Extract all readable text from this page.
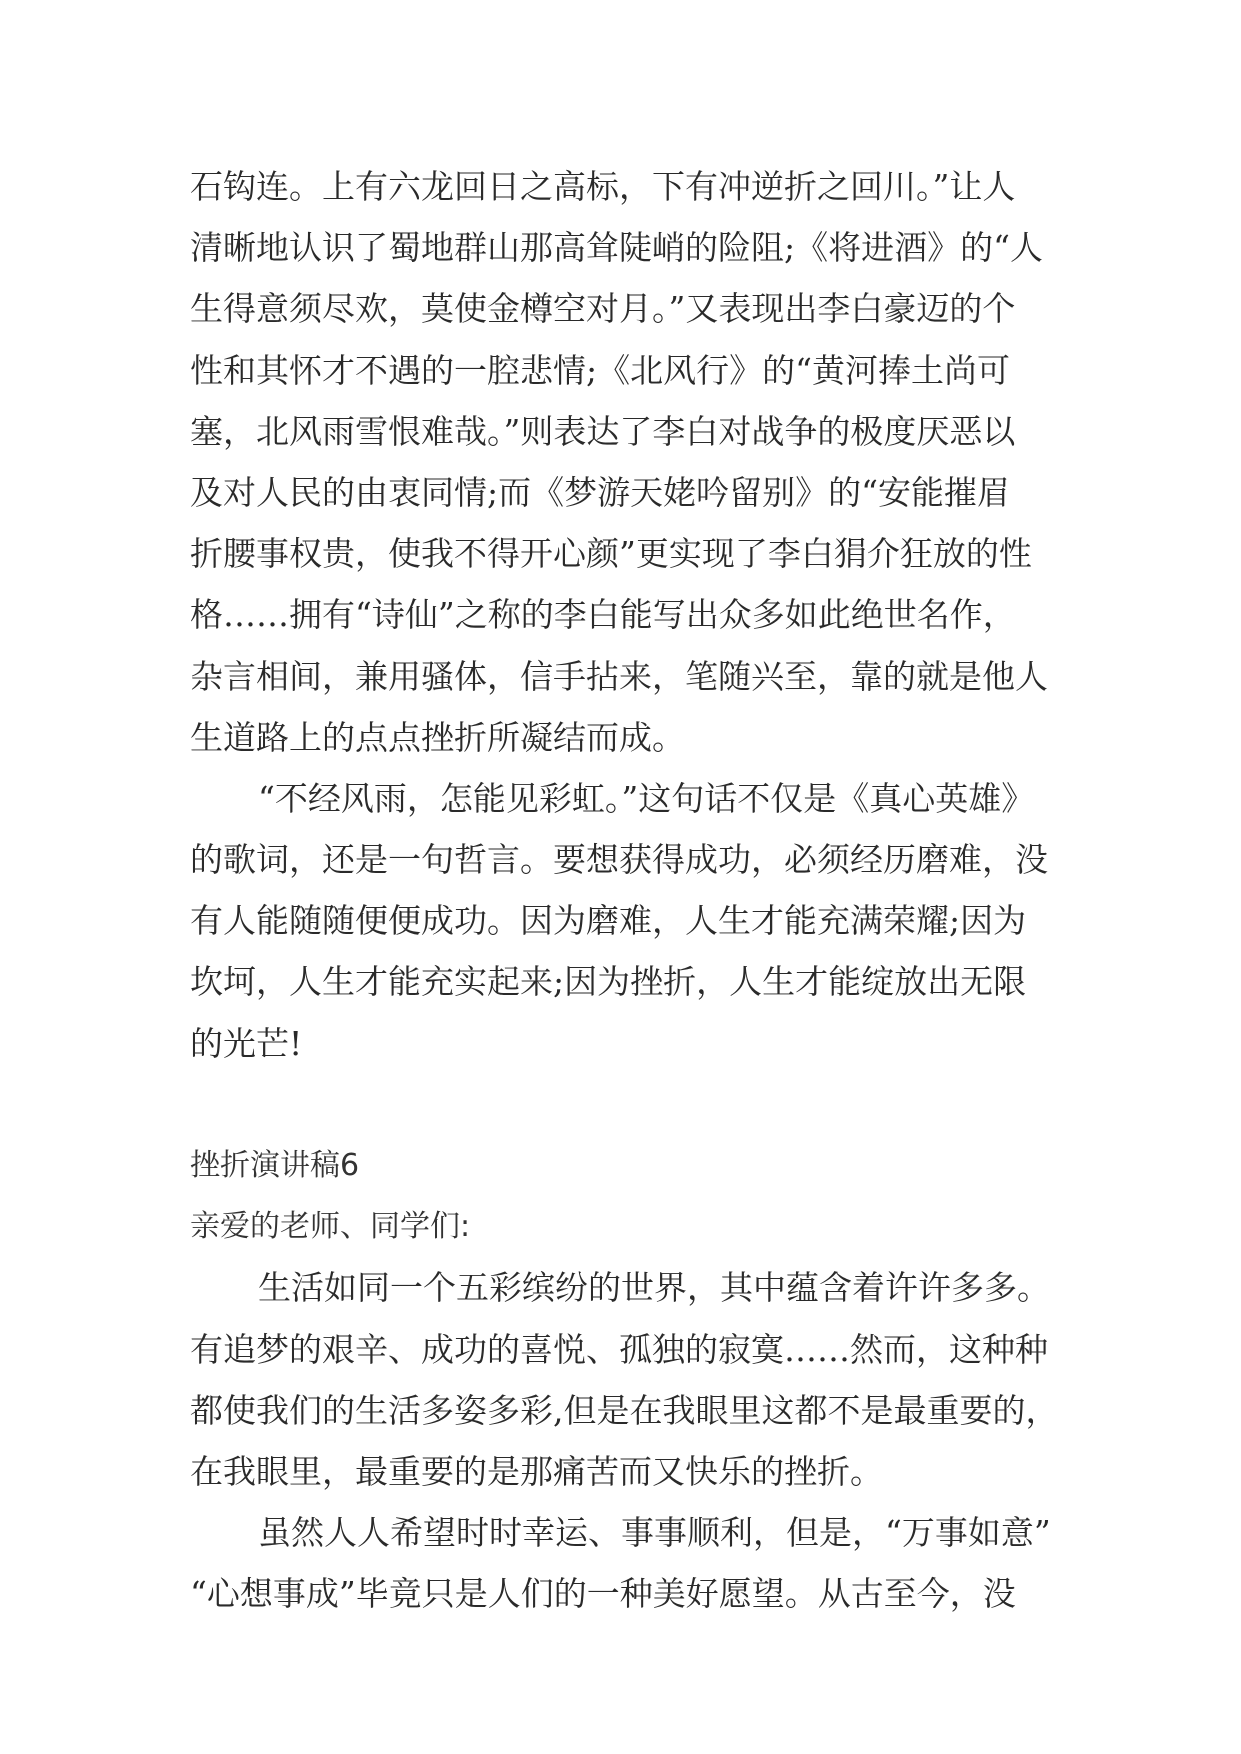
石钩连。上有六龙回日之高标，下有冲逆折之回川。”让人
清晰地认识了蜀地群山那高耸陡峭的险阻;《将进酒》的“人
生得意须尽欢，莫使金樽空对月。”又表现出李白豪迈的个
性和其怀才不遇的一腔悲情;《北风行》的“黄河捧土尚可
塞，北风雨雪恨难哉。”则表达了李白对战争的极度厌恶以
及对人民的由衷同情;而《梦游天姥吟留别》的“安能摧眉
折腰事权贵，使我不得开心颜”更实现了李白狷介狂放的性
格……拥有“诗仙”之称的李白能写出众多如此绝世名作，
杂言相间，兼用骚体，信手拈来，笔随兴至，靠的就是他人
生道路上的点点挫折所凝结而成。
“不经风雨，怎能见彩虹。”这句话不仅是《真心英雄》
的歌词，还是一句哲言。要想获得成功，必须经历磨难，没
有人能随随便便成功。因为磨难，人生才能充满荣耀;因为
坎坷，人生才能充实起来;因为挫折，人生才能绽放出无限
的光芒!
挫折演讲稿6
亲爱的老师、同学们:
生活如同一个五彩缤纷的世界，其中蕴含着许许多多。
有追梦的艰辛、成功的喜悦、孤独的寂寞……然而，这种种
都使我们的生活多姿多彩,但是在我眼里这都不是最重要的，
在我眼里，最重要的是那痛苦而又快乐的挫折。
虽然人人希望时时幸运、事事顺利，但是，“万事如意”
“心想事成”毕竟只是人们的一种美好愿望。从古至今，没
